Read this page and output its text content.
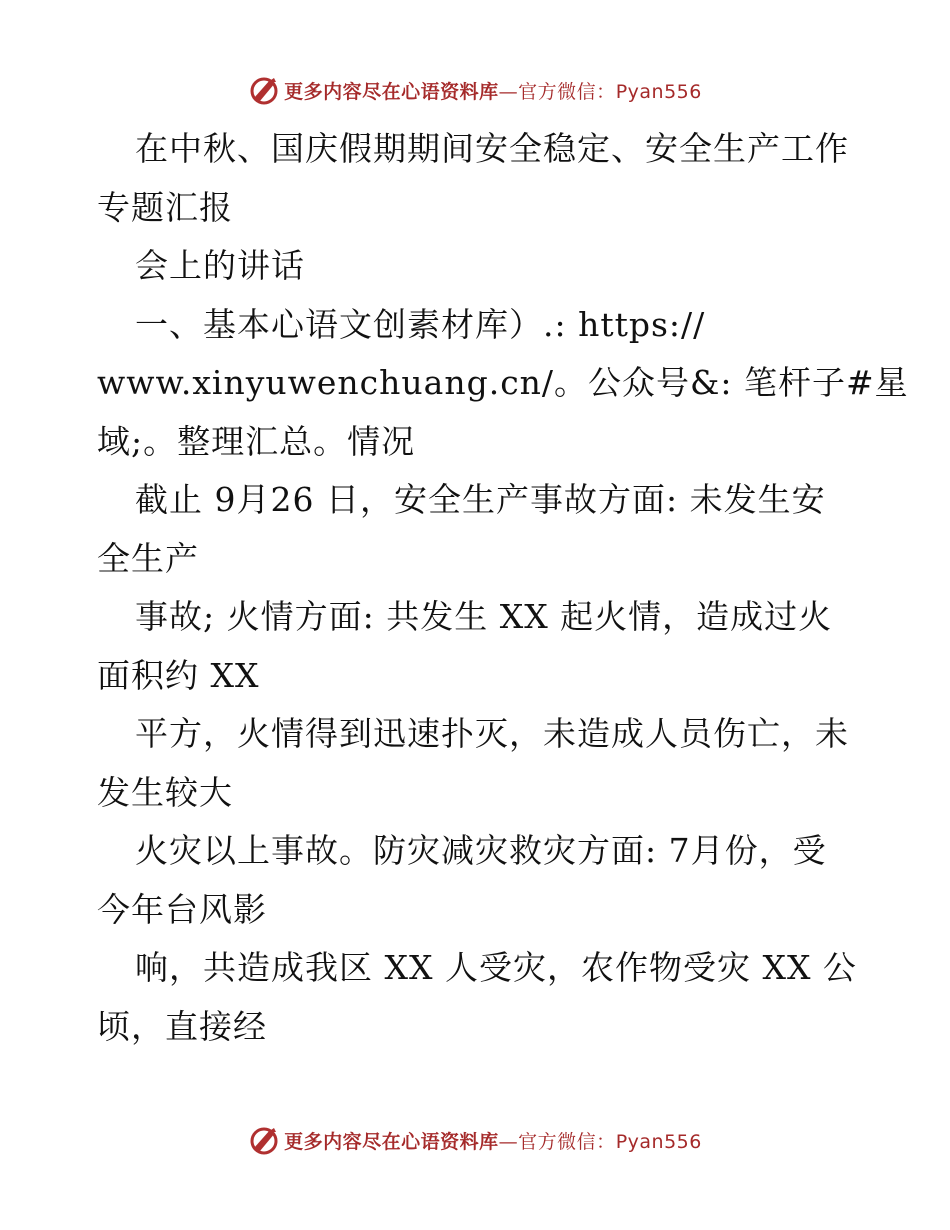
更多内容尽在心语资料库—官方微信：Pyan556
在中秋、国庆假期期间安全稳定、安全生产工作
专题汇报
会上的讲话
一、基本心语文创素材库）.: https://
www.xinyuwenchuang.cn/。公众号&: 笔杆子#星
域;。整理汇总。情况
截止 9月26 日，安全生产事故方面: 未发生安
全生产
事故; 火情方面: 共发生 XX 起火情，造成过火
面积约 XX
平方，火情得到迅速扑灭，未造成人员伤亡，未
发生较大
火灾以上事故。防灾减灾救灾方面: 7月份，受
今年台风影
响，共造成我区 XX 人受灾，农作物受灾 XX 公
顷，直接经
更多内容尽在心语资料库—官方微信：Pyan556
